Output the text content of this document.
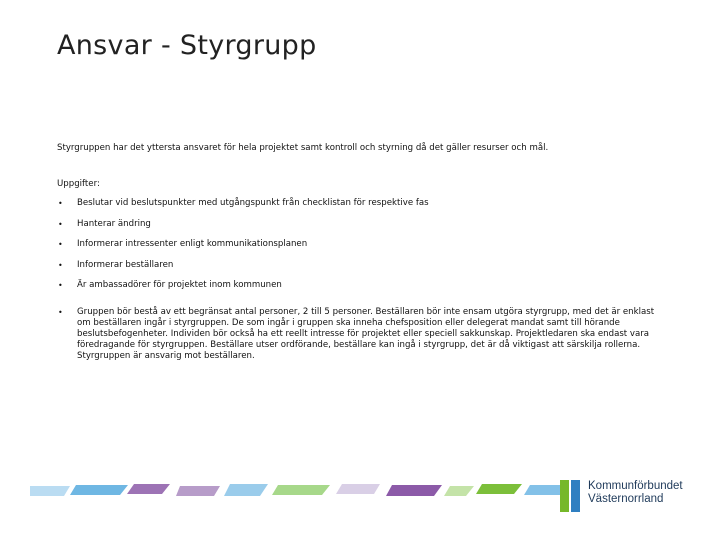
Ansvar - Styrgrupp

Styrgruppen har det yttersta ansvaret för hela projektet samt kontroll och styrning då det gäller resurser och mål.

Uppgifter:

• Beslutar vid beslutspunkter med utgångspunkt från checklistan för respektive fas
• Hanterar ändring
• Informerar intressenter enligt kommunikationsplanen
• Informerar beställaren
• Är ambassadörer för projektet inom kommunen
• Gruppen bör bestå av ett begränsat antal personer, 2 till 5 personer. Beställaren bör inte ensam utgöra styrgrupp, med det är enklast om beställaren ingår i styrgruppen. De som ingår i gruppen ska inneha chefsposition eller delegerat mandat samt till hörande beslutsbefogenheter. Individen bör också ha ett reellt intresse för projektet eller speciell sakkunskap. Projektledaren ska endast vara föredragande för styrgruppen. Beställare utser ordförande, beställare kan ingå i styrgrupp, det är då viktigast att särskilja rollerna. Styrgruppen är ansvarig mot beställaren.
Kommunförbundet
Västernorrland
